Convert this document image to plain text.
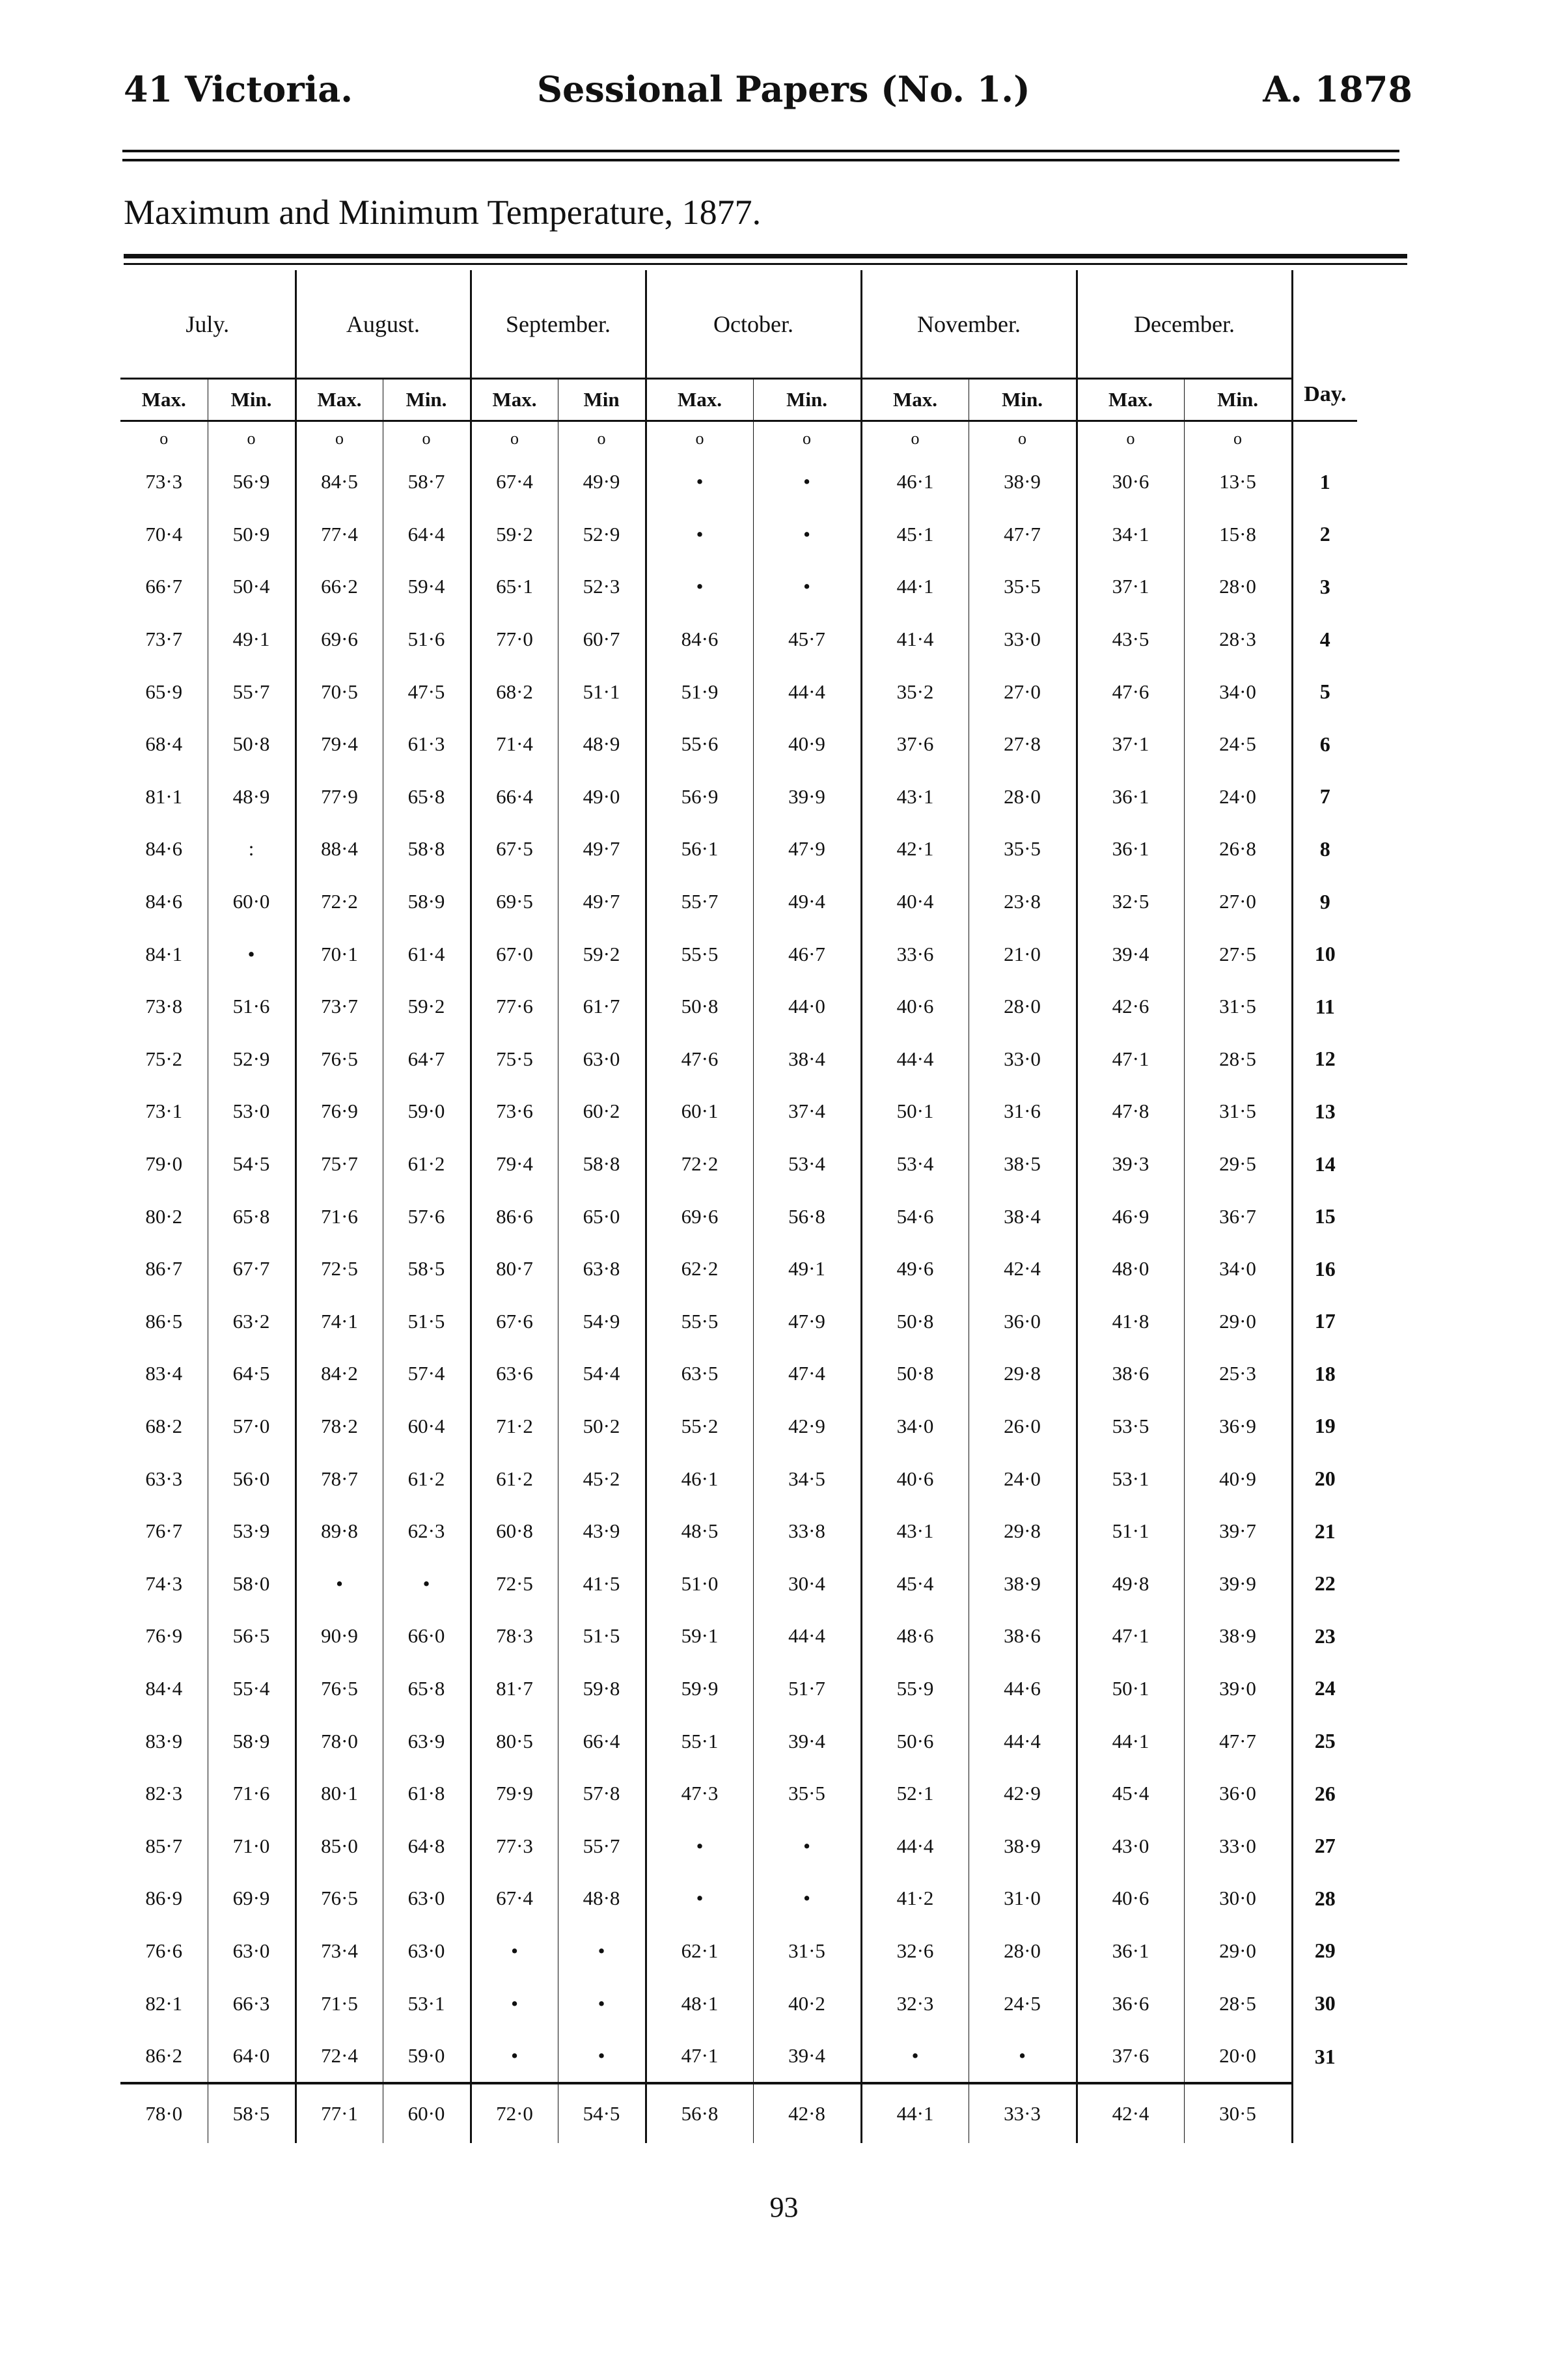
41 Victoria.	Sessional Papers (No. 1.)	A. 1878
Maximum and Minimum Temperature, 1877.
July.		August.		September.		October.		November.		December.		Day.
Max.	Min.	Max.	Min.	Max.	Min	Max.	Min.	Max.	Min.	Max.	Min.	
o	o	o	o	o	o	o	o	o	o	o	o	
73·3	56·9	84·5	58·7	67·4	49·9	•	•	46·1	38·9	30·6	13·5	1
70·4	50·9	77·4	64·4	59·2	52·9	•	•	45·1	47·7	34·1	15·8	2
66·7	50·4	66·2	59·4	65·1	52·3	•	•	44·1	35·5	37·1	28·0	3
73·7	49·1	69·6	51·6	77·0	60·7	84·6	45·7	41·4	33·0	43·5	28·3	4
65·9	55·7	70·5	47·5	68·2	51·1	51·9	44·4	35·2	27·0	47·6	34·0	5
68·4	50·8	79·4	61·3	71·4	48·9	55·6	40·9	37·6	27·8	37·1	24·5	6
81·1	48·9	77·9	65·8	66·4	49·0	56·9	39·9	43·1	28·0	36·1	24·0	7
84·6	:	88·4	58·8	67·5	49·7	56·1	47·9	42·1	35·5	36·1	26·8	8
84·6	60·0	72·2	58·9	69·5	49·7	55·7	49·4	40·4	23·8	32·5	27·0	9
84·1	•	70·1	61·4	67·0	59·2	55·5	46·7	33·6	21·0	39·4	27·5	10
73·8	51·6	73·7	59·2	77·6	61·7	50·8	44·0	40·6	28·0	42·6	31·5	11
75·2	52·9	76·5	64·7	75·5	63·0	47·6	38·4	44·4	33·0	47·1	28·5	12
73·1	53·0	76·9	59·0	73·6	60·2	60·1	37·4	50·1	31·6	47·8	31·5	13
79·0	54·5	75·7	61·2	79·4	58·8	72·2	53·4	53·4	38·5	39·3	29·5	14
80·2	65·8	71·6	57·6	86·6	65·0	69·6	56·8	54·6	38·4	46·9	36·7	15
86·7	67·7	72·5	58·5	80·7	63·8	62·2	49·1	49·6	42·4	48·0	34·0	16
86·5	63·2	74·1	51·5	67·6	54·9	55·5	47·9	50·8	36·0	41·8	29·0	17
83·4	64·5	84·2	57·4	63·6	54·4	63·5	47·4	50·8	29·8	38·6	25·3	18
68·2	57·0	78·2	60·4	71·2	50·2	55·2	42·9	34·0	26·0	53·5	36·9	19
63·3	56·0	78·7	61·2	61·2	45·2	46·1	34·5	40·6	24·0	53·1	40·9	20
76·7	53·9	89·8	62·3	60·8	43·9	48·5	33·8	43·1	29·8	51·1	39·7	21
74·3	58·0	•	•	72·5	41·5	51·0	30·4	45·4	38·9	49·8	39·9	22
76·9	56·5	90·9	66·0	78·3	51·5	59·1	44·4	48·6	38·6	47·1	38·9	23
84·4	55·4	76·5	65·8	81·7	59·8	59·9	51·7	55·9	44·6	50·1	39·0	24
83·9	58·9	78·0	63·9	80·5	66·4	55·1	39·4	50·6	44·4	44·1	47·7	25
82·3	71·6	80·1	61·8	79·9	57·8	47·3	35·5	52·1	42·9	45·4	36·0	26
85·7	71·0	85·0	64·8	77·3	55·7	•	•	44·4	38·9	43·0	33·0	27
86·9	69·9	76·5	63·0	67·4	48·8	•	•	41·2	31·0	40·6	30·0	28
76·6	63·0	73·4	63·0	•	•	62·1	31·5	32·6	28·0	36·1	29·0	29
82·1	66·3	71·5	53·1	•	•	48·1	40·2	32·3	24·5	36·6	28·5	30
86·2	64·0	72·4	59·0	•	•	47·1	39·4	•	•	37·6	20·0	31
78·0	58·5	77·1	60·0	72·0	54·5	56·8	42·8	44·1	33·3	42·4	30·5	
93
